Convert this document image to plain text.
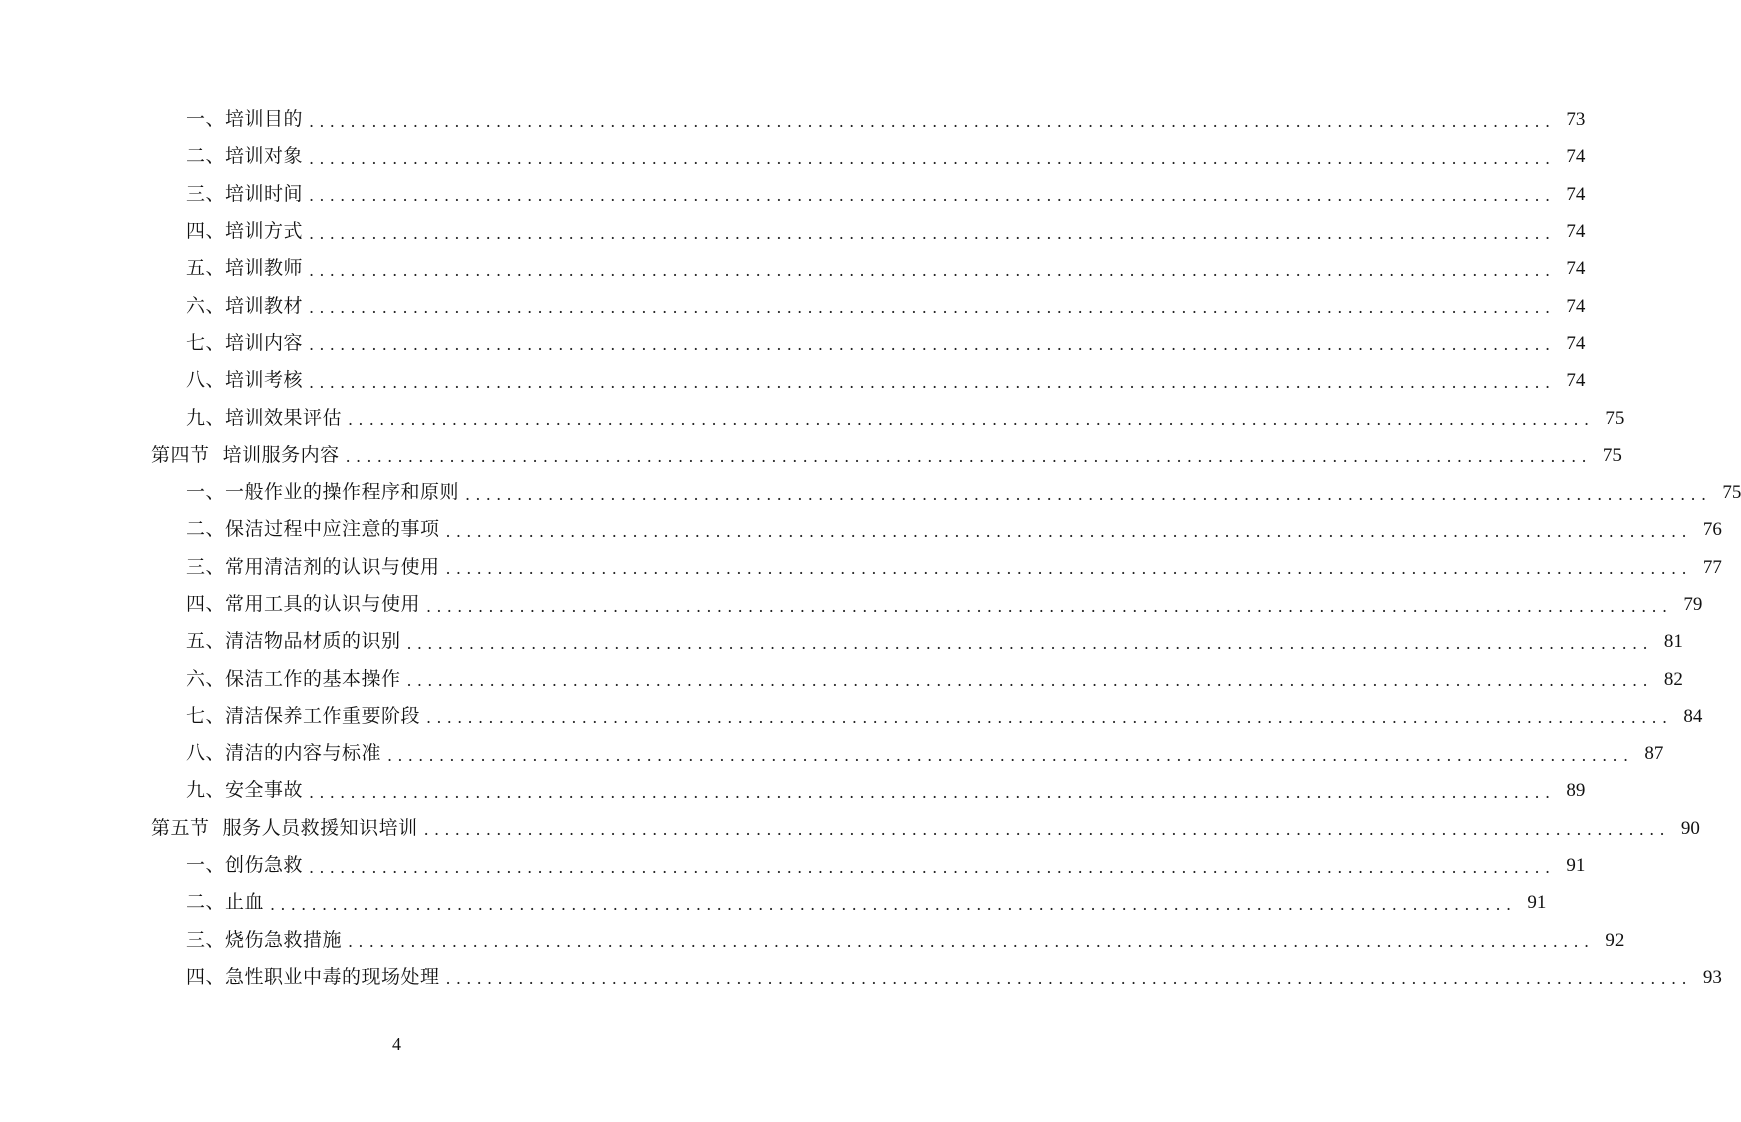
一、培训目的 ........................................................................................................................ 73
二、培训对象 ........................................................................................................................ 74
三、培训时间 ........................................................................................................................ 74
四、培训方式 ........................................................................................................................ 74
五、培训教师 ........................................................................................................................ 74
六、培训教材 ........................................................................................................................ 74
七、培训内容 ........................................................................................................................ 74
八、培训考核 ........................................................................................................................ 74
九、培训效果评估 ........................................................................................................................ 75
第四节  培训服务内容 ........................................................................................................................ 75
一、一般作业的操作程序和原则 ........................................................................................................................ 75
二、保洁过程中应注意的事项 ........................................................................................................................ 76
三、常用清洁剂的认识与使用 ........................................................................................................................ 77
四、常用工具的认识与使用 ........................................................................................................................ 79
五、清洁物品材质的识别 ........................................................................................................................ 81
六、保洁工作的基本操作 ........................................................................................................................ 82
七、清洁保养工作重要阶段 ........................................................................................................................ 84
八、清洁的内容与标准 ........................................................................................................................ 87
九、安全事故 ........................................................................................................................ 89
第五节  服务人员救援知识培训 ........................................................................................................................ 90
一、创伤急救 ........................................................................................................................ 91
二、止血 ........................................................................................................................ 91
三、烧伤急救措施 ........................................................................................................................ 92
四、急性职业中毒的现场处理 ........................................................................................................................ 93
4
